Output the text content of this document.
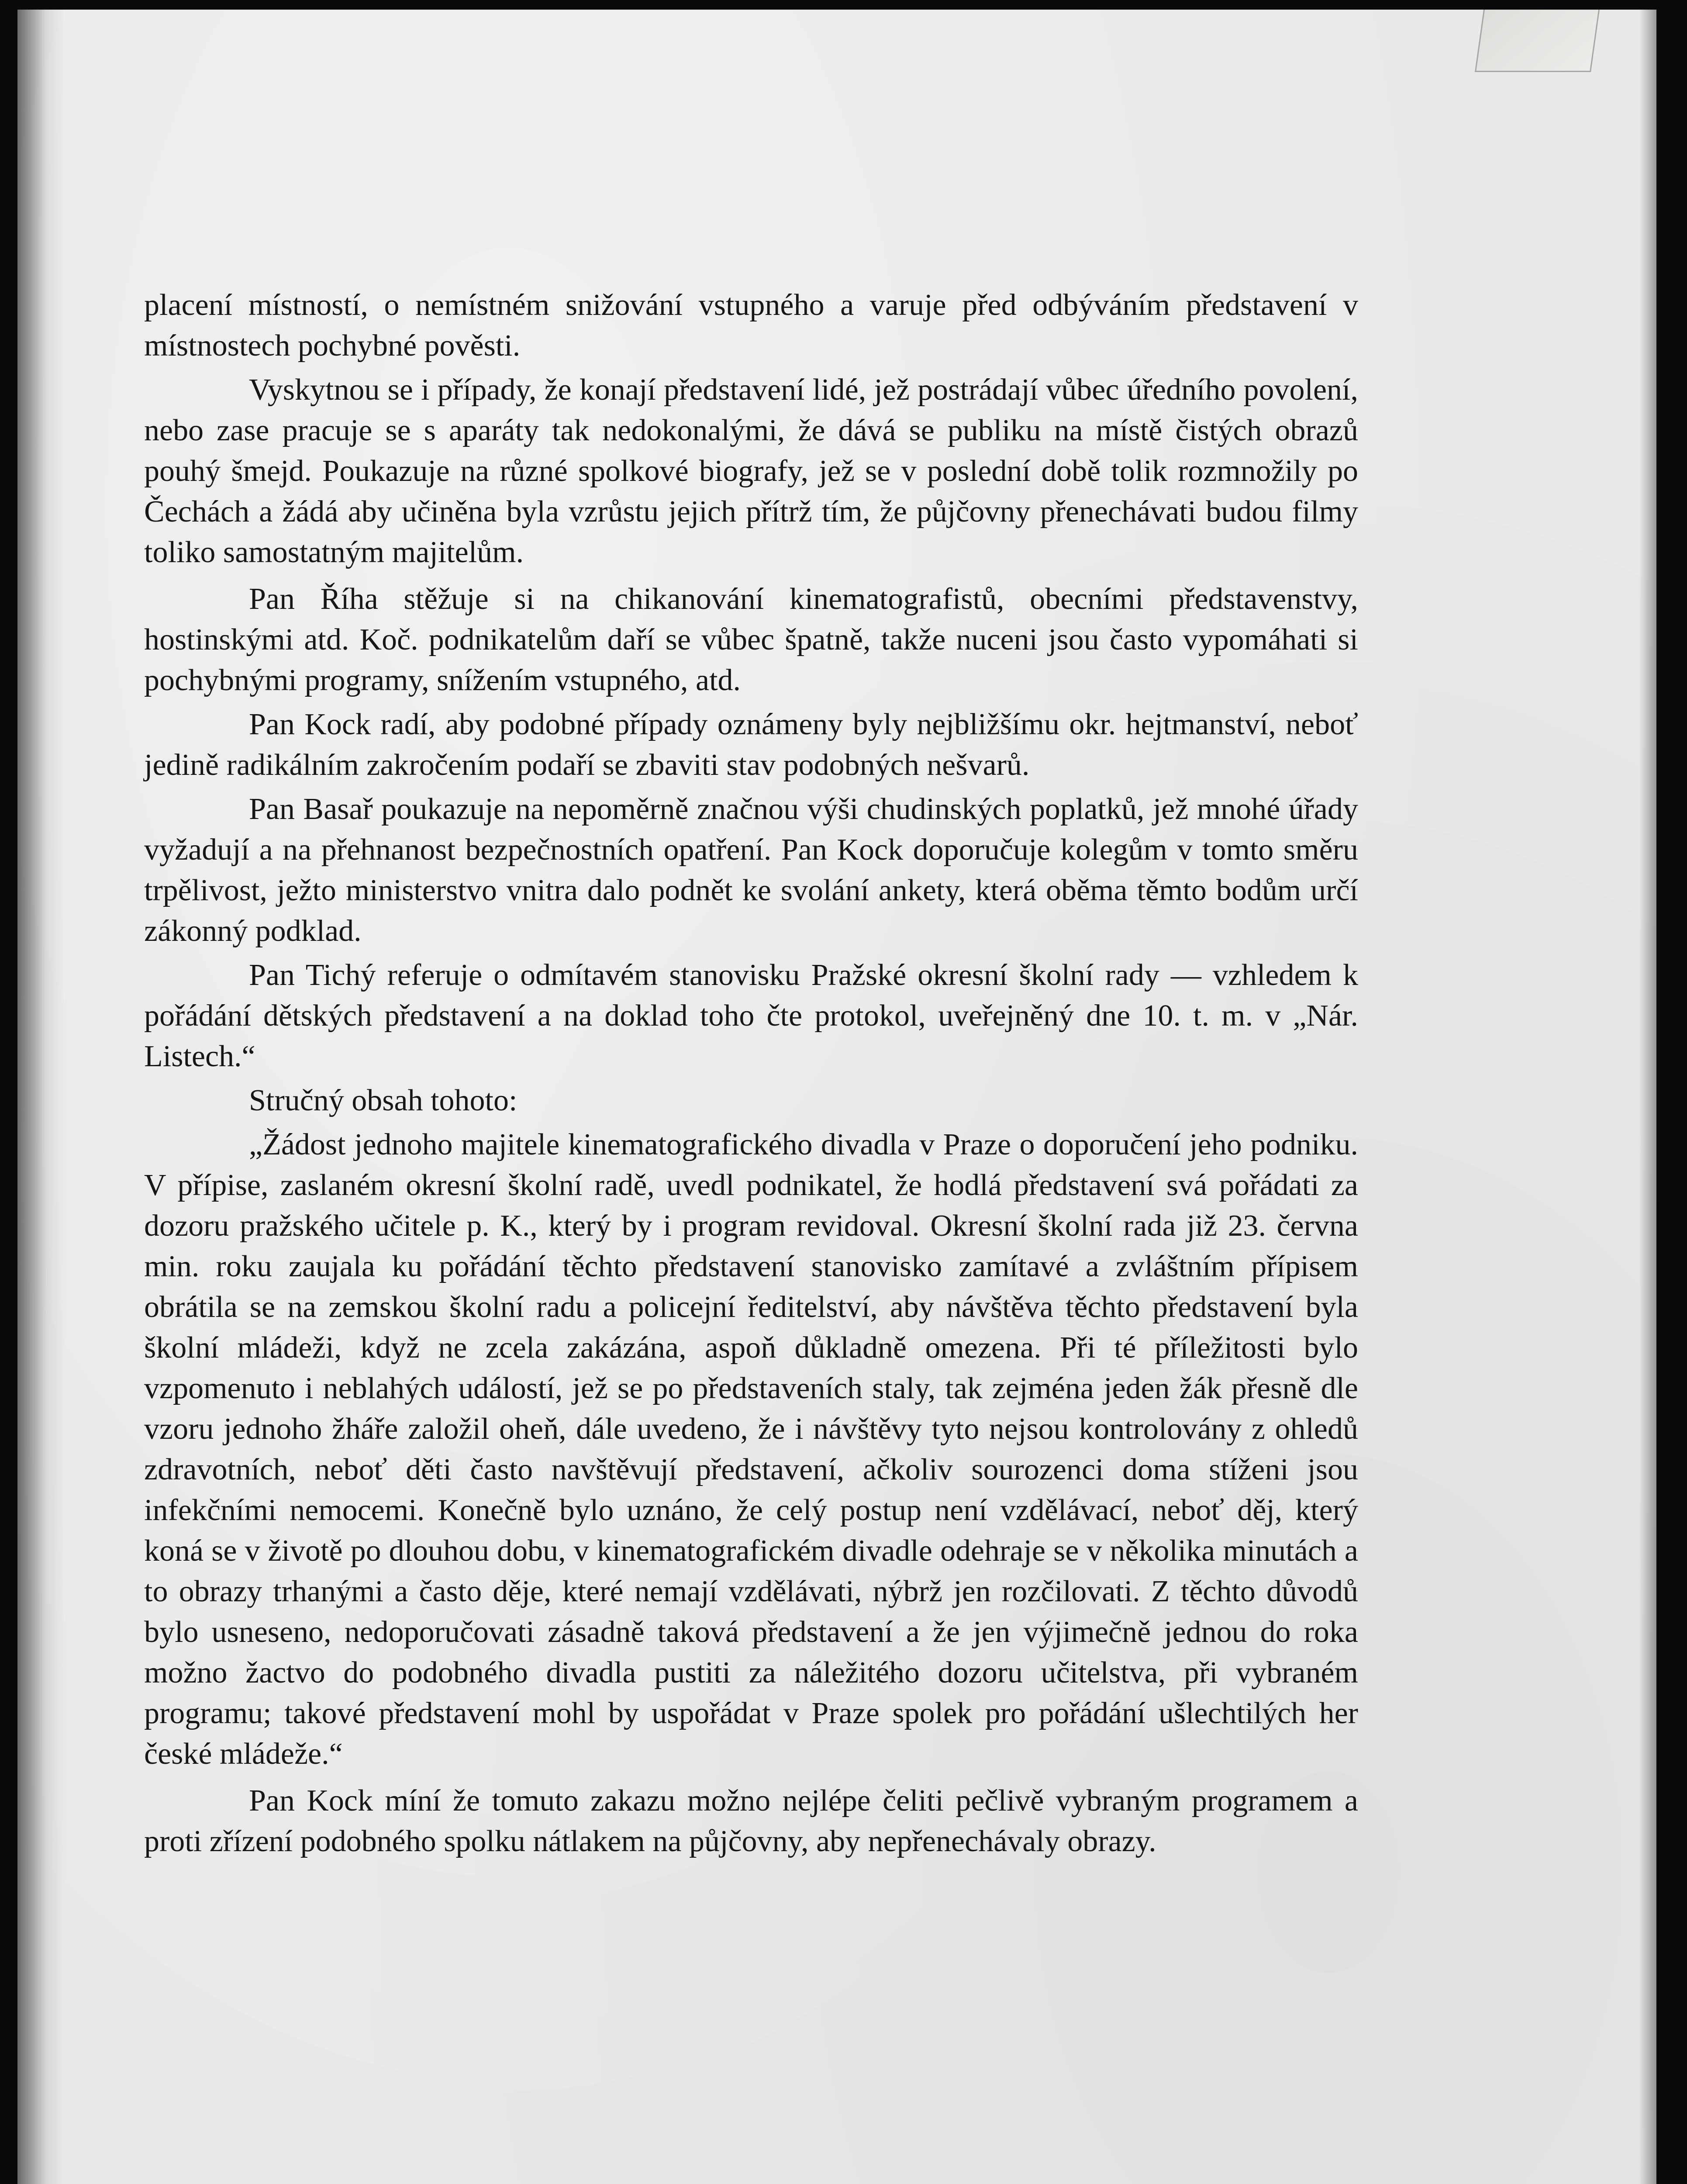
placení místností, o nemístném snižování vstupného a varuje před odbýváním představení v místnostech pochybné pověsti.

Vyskytnou se i případy, že konají představení lidé, jež postrádají vůbec úředního povolení, nebo zase pracuje se s aparáty tak nedokonalými, že dává se publiku na místě čistých obrazů pouhý šmejd. Poukazuje na různé spolkové biografy, jež se v poslední době tolik rozmnožily po Čechách a žádá aby učiněna byla vzrůstu jejich přítrž tím, že půjčovny přenechávati budou filmy toliko samostatným majitelům.

Pan Říha stěžuje si na chikanování kinematografistů, obecními představenstvy, hostinskými atd. Koč. podnikatelům daří se vůbec špatně, takže nuceni jsou často vypomáhati si pochybnými programy, snížením vstupného, atd.

Pan Kock radí, aby podobné případy oznámeny byly nejbližšímu okr. hejtmanství, neboť jedině radikálním zakročením podaří se zbaviti stav podobných nešvarů.

Pan Basař poukazuje na nepoměrně značnou výši chudinských poplatků, jež mnohé úřady vyžadují a na přehnanost bezpečnostních opatření. Pan Kock doporučuje kolegům v tomto směru trpělivost, ježto ministerstvo vnitra dalo podnět ke svolání ankety, která oběma těmto bodům určí zákonný podklad.

Pan Tichý referuje o odmítavém stanovisku Pražské okresní školní rady — vzhledem k pořádání dětských představení a na doklad toho čte protokol, uveřejněný dne 10. t. m. v „Nár. Listech.“

Stručný obsah tohoto:

„Žádost jednoho majitele kinematografického divadla v Praze o doporučení jeho podniku. V přípise, zaslaném okresní školní radě, uvedl podnikatel, že hodlá představení svá pořádati za dozoru pražského učitele p. K., který by i program revidoval. Okresní školní rada již 23. června min. roku zaujala ku pořádání těchto představení stanovisko zamítavé a zvláštním přípisem obrátila se na zemskou školní radu a policejní ředitelství, aby návštěva těchto představení byla školní mládeži, když ne zcela zakázána, aspoň důkladně omezena. Při té příležitosti bylo vzpomenuto i neblahých událostí, jež se po představeních staly, tak zejména jeden žák přesně dle vzoru jednoho žháře založil oheň, dále uvedeno, že i návštěvy tyto nejsou kontrolovány z ohledů zdravotních, neboť děti často navštěvují představení, ačkoliv sourozenci doma stíženi jsou infekčními nemocemi. Konečně bylo uznáno, že celý postup není vzdělávací, neboť děj, který koná se v životě po dlouhou dobu, v kinematografickém divadle odehraje se v několika minutách a to obrazy trhanými a často děje, které nemají vzdělávati, nýbrž jen rozčilovati. Z těchto důvodů bylo usneseno, nedoporučovati zásadně taková představení a že jen výjimečně jednou do roka možno žactvo do podobného divadla pustiti za náležitého dozoru učitelstva, při vybraném programu; takové představení mohl by uspořádat v Praze spolek pro pořádání ušlechtilých her české mládeže.“

Pan Kock míní že tomuto zakazu možno nejlépe čeliti pečlivě vybraným programem a proti zřízení podobného spolku nátlakem na půjčovny, aby nepřenechávaly obrazy.
